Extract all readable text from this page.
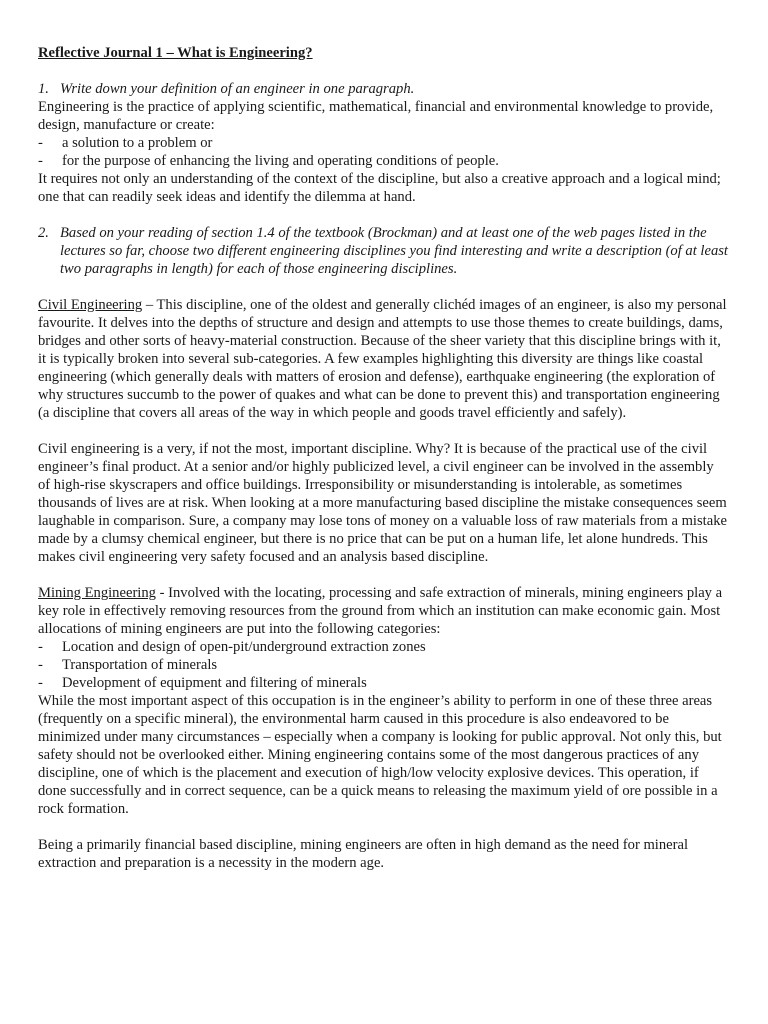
Reflective Journal 1 – What is Engineering?
1. Write down your definition of an engineer in one paragraph.

Engineering is the practice of applying scientific, mathematical, financial and environmental knowledge to provide, design, manufacture or create:

-	a solution to a problem or
-	for the purpose of enhancing the living and operating conditions of people.

It requires not only an understanding of the context of the discipline, but also a creative approach and a logical mind; one that can readily seek ideas and identify the dilemma at hand.

2. Based on your reading of section 1.4 of the textbook (Brockman) and at least one of the web pages listed in the lectures so far, choose two different engineering disciplines you find interesting and write a description (of at least two paragraphs in length) for each of those engineering disciplines.

Civil Engineering – This discipline, one of the oldest and generally clichéd images of an engineer, is also my personal favourite. It delves into the depths of structure and design and attempts to use those themes to create buildings, dams, bridges and other sorts of heavy-material construction. Because of the sheer variety that this discipline brings with it, it is typically broken into several sub-categories. A few examples highlighting this diversity are things like coastal engineering (which generally deals with matters of erosion and defense), earthquake engineering (the exploration of why structures succumb to the power of quakes and what can be done to prevent this) and transportation engineering (a discipline that covers all areas of the way in which people and goods travel efficiently and safely).

Civil engineering is a very, if not the most, important discipline. Why? It is because of the practical use of the civil engineer’s final product. At a senior and/or highly publicized level, a civil engineer can be involved in the assembly of high-rise skyscrapers and office buildings. Irresponsibility or misunderstanding is intolerable, as sometimes thousands of lives are at risk. When looking at a more manufacturing based discipline the mistake consequences seem laughable in comparison. Sure, a company may lose tons of money on a valuable loss of raw materials from a mistake made by a clumsy chemical engineer, but there is no price that can be put on a human life, let alone hundreds. This makes civil engineering very safety focused and an analysis based discipline.

Mining Engineering - Involved with the locating, processing and safe extraction of minerals, mining engineers play a key role in effectively removing resources from the ground from which an institution can make economic gain. Most allocations of mining engineers are put into the following categories:

-	Location and design of open-pit/underground extraction zones
-	Transportation of minerals
-	Development of equipment and filtering of minerals

While the most important aspect of this occupation is in the engineer’s ability to perform in one of these three areas (frequently on a specific mineral), the environmental harm caused in this procedure is also endeavored to be minimized under many circumstances – especially when a company is looking for public approval. Not only this, but safety should not be overlooked either. Mining engineering contains some of the most dangerous practices of any discipline, one of which is the placement and execution of high/low velocity explosive devices. This operation, if done successfully and in correct sequence, can be a quick means to releasing the maximum yield of ore possible in a rock formation.

Being a primarily financial based discipline, mining engineers are often in high demand as the need for mineral extraction and preparation is a necessity in the modern age.
